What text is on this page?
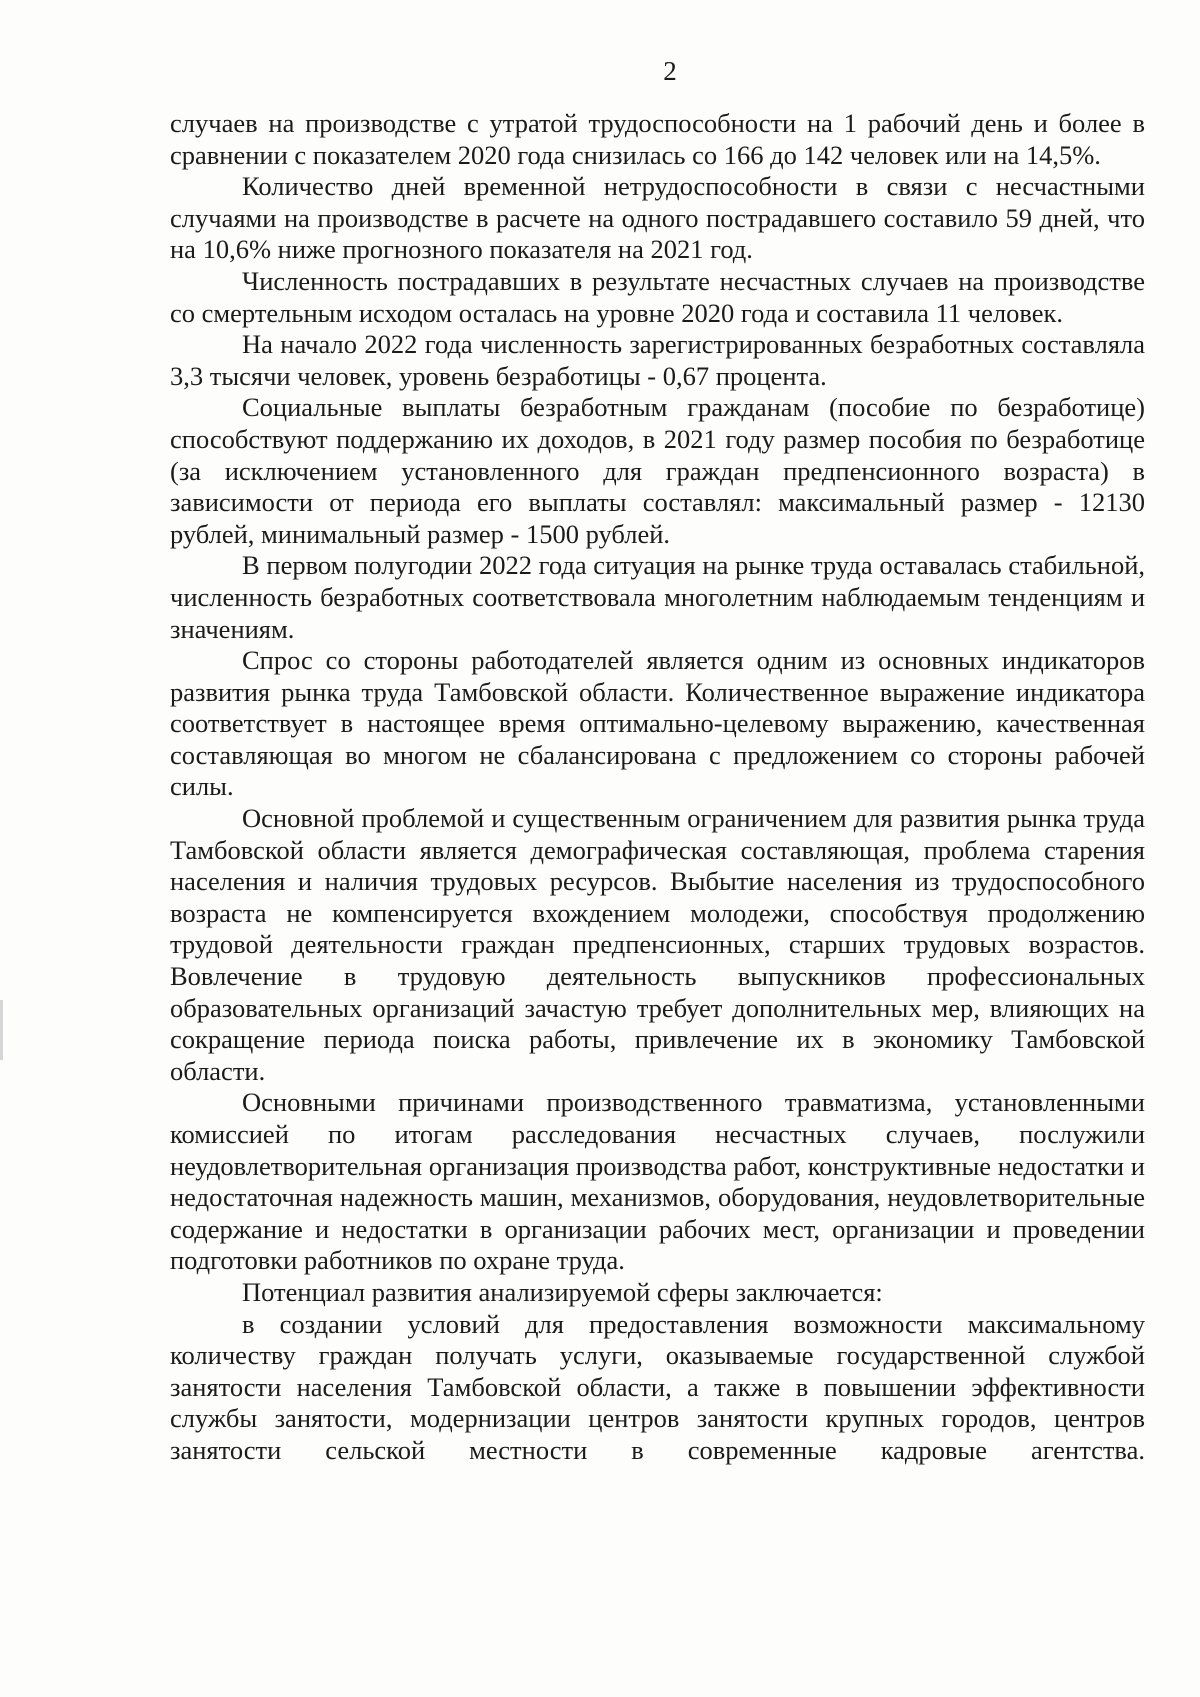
2

случаев на производстве с утратой трудоспособности на 1 рабочий день и более в сравнении с показателем 2020 года снизилась со 166 до 142 человек или на 14,5%.

Количество дней временной нетрудоспособности в связи с несчастными случаями на производстве в расчете на одного пострадавшего составило 59 дней, что на 10,6% ниже прогнозного показателя на 2021 год.

Численность пострадавших в результате несчастных случаев на производстве со смертельным исходом осталась на уровне 2020 года и составила 11 человек.

На начало 2022 года численность зарегистрированных безработных составляла 3,3 тысячи человек, уровень безработицы - 0,67 процента.

Социальные выплаты безработным гражданам (пособие по безработице) способствуют поддержанию их доходов, в 2021 году размер пособия по безработице (за исключением установленного для граждан предпенсионного возраста) в зависимости от периода его выплаты составлял: максимальный размер - 12130 рублей, минимальный размер - 1500 рублей.

В первом полугодии 2022 года ситуация на рынке труда оставалась стабильной, численность безработных соответствовала многолетним наблюдаемым тенденциям и значениям.

Спрос со стороны работодателей является одним из основных индикаторов развития рынка труда Тамбовской области. Количественное выражение индикатора соответствует в настоящее время оптимально-целевому выражению, качественная составляющая во многом не сбалансирована с предложением со стороны рабочей силы.

Основной проблемой и существенным ограничением для развития рынка труда Тамбовской области является демографическая составляющая, проблема старения населения и наличия трудовых ресурсов. Выбытие населения из трудоспособного возраста не компенсируется вхождением молодежи, способствуя продолжению трудовой деятельности граждан предпенсионных, старших трудовых возрастов. Вовлечение в трудовую деятельность выпускников профессиональных образовательных организаций зачастую требует дополнительных мер, влияющих на сокращение периода поиска работы, привлечение их в экономику Тамбовской области.

Основными причинами производственного травматизма, установленными комиссией по итогам расследования несчастных случаев, послужили неудовлетворительная организация производства работ, конструктивные недостатки и недостаточная надежность машин, механизмов, оборудования, неудовлетворительные содержание и недостатки в организации рабочих мест, организации и проведении подготовки работников по охране труда.

Потенциал развития анализируемой сферы заключается:

в создании условий для предоставления возможности максимальному количеству граждан получать услуги, оказываемые государственной службой занятости населения Тамбовской области, а также в повышении эффективности службы занятости, модернизации центров занятости крупных городов, центров занятости сельской местности в современные кадровые агентства.
